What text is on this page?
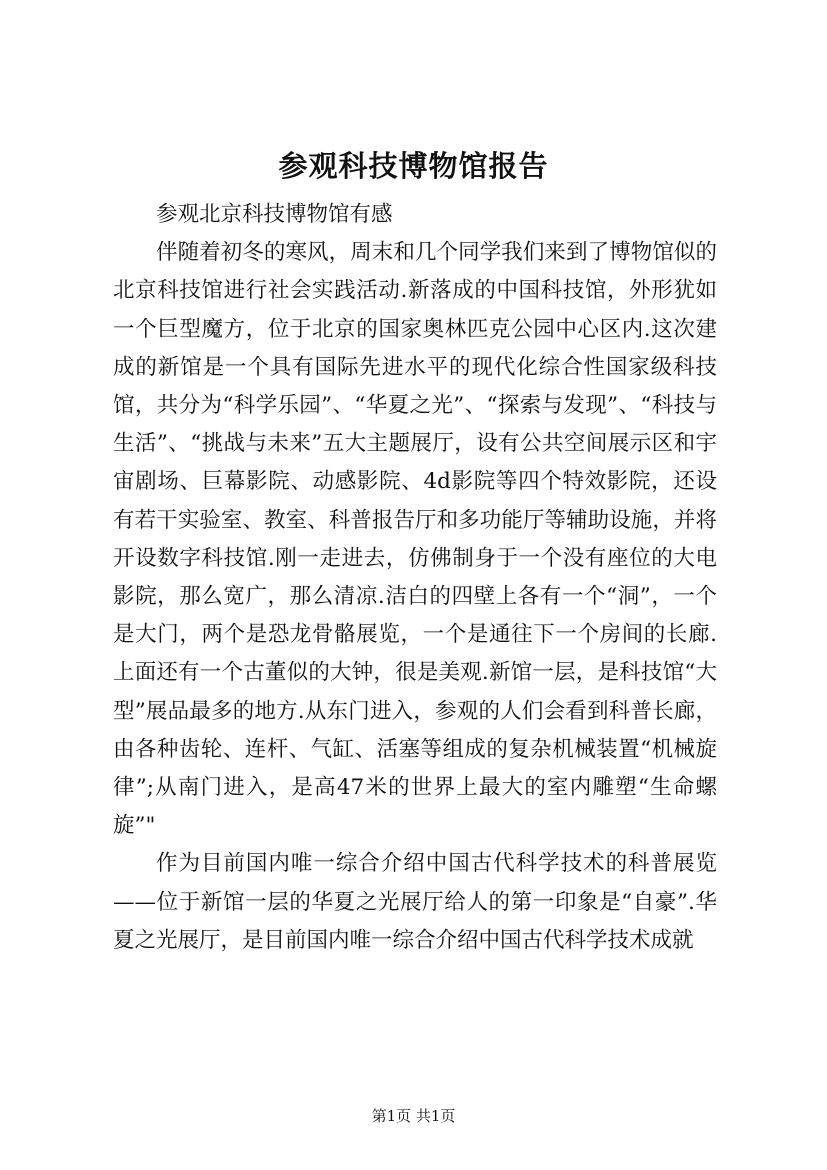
参观科技博物馆报告

参观北京科技博物馆有感

伴随着初冬的寒风，周末和几个同学我们来到了博物馆似的北京科技馆进行社会实践活动.新落成的中国科技馆，外形犹如一个巨型魔方，位于北京的国家奥林匹克公园中心区内.这次建成的新馆是一个具有国际先进水平的现代化综合性国家级科技馆，共分为“科学乐园”、“华夏之光”、“探索与发现”、“科技与生活”、“挑战与未来”五大主题展厅，设有公共空间展示区和宇宙剧场、巨幕影院、动感影院、4d影院等四个特效影院，还设有若干实验室、教室、科普报告厅和多功能厅等辅助设施，并将开设数字科技馆.刚一走进去，仿佛制身于一个没有座位的大电影院，那么宽广，那么清凉.洁白的四壁上各有一个“洞”，一个是大门，两个是恐龙骨骼展览，一个是通往下一个房间的长廊.上面还有一个古董似的大钟，很是美观.新馆一层，是科技馆“大型”展品最多的地方.从东门进入，参观的人们会看到科普长廊，由各种齿轮、连杆、气缸、活塞等组成的复杂机械装置“机械旋律”;从南门进入，是高47米的世界上最大的室内雕塑“生命螺旋”"

作为目前国内唯一综合介绍中国古代科学技术的科普展览——位于新馆一层的华夏之光展厅给人的第一印象是“自豪”.华夏之光展厅，是目前国内唯一综合介绍中国古代科学技术成就

第1页 共1页
